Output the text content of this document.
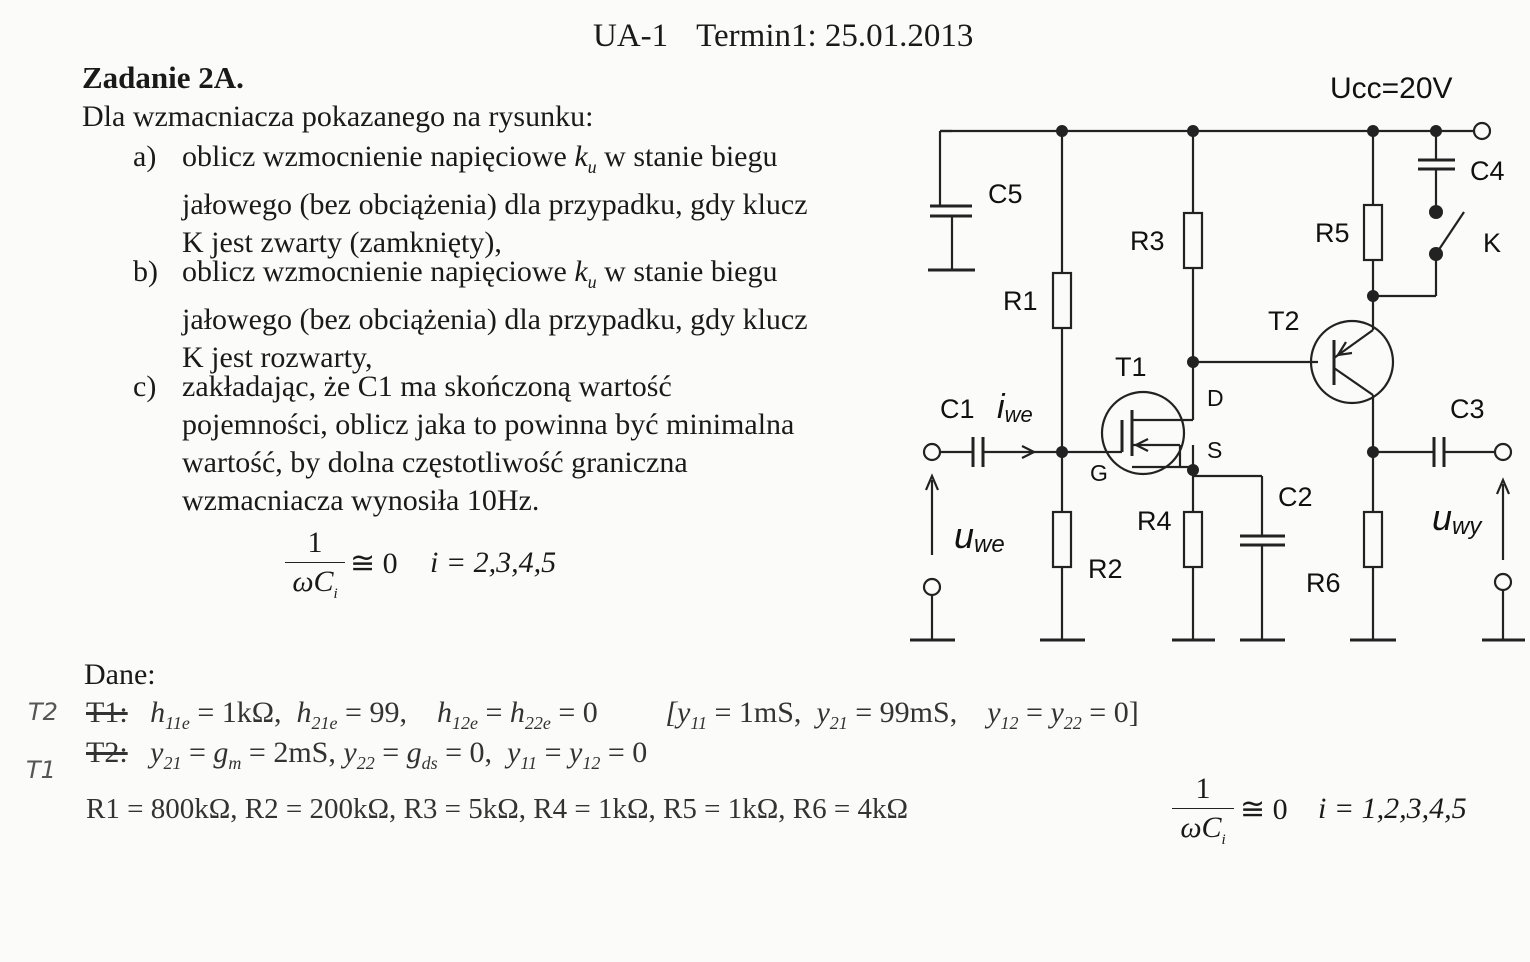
UA-1 Termin1: 25.01.2013
Zadanie 2A.
Dla wzmacniacza pokazanego na rysunku:
a) oblicz wzmocnienie napięciowe $k_u$ w stanie biegu
jałowego (bez obciążenia) dla przypadku, gdy klucz
K jest zwarty (zamknięty),
b) oblicz wzmocnienie napięciowe $k_u$ w stanie biegu
jałowego (bez obciążenia) dla przypadku, gdy klucz
K jest rozwarty,
c) zakładając, że C1 ma skończoną wartość
pojemności, oblicz jaka to powinna być minimalna
wartość, by dolna częstotliwość graniczna
wzmacniacza wynosiła 10Hz.
1
$\omega C_i$
≅ 0 i = 2,3,4,5
Dane:
T2
T1
T1: $h_{11e} = 1k\Omega$, $h_{21e} = 99$, $h_{12e} = h_{22e} = 0$ [$y_{11} = 1mS$, $y_{21} = 99mS$, $y_{12} = y_{22} = 0$]
T2: $y_{21} = g_m = 2mS$, $y_{22} = g_{ds} = 0$, $y_{11} = y_{12} = 0$
R1 = 800kΩ, R2 = 200kΩ, R3 = 5kΩ, R4 = 1kΩ, R5 = 1kΩ, R6 = 4kΩ
1
$\omega C_i$
≅ 0 i = 1,2,3,4,5
Ucc=20V
C5
R3	R5
C4
K
R1
T2
T1
D
S
G
C1 iwe	C3
C2
R4
R2	R6
uwe
uwy
